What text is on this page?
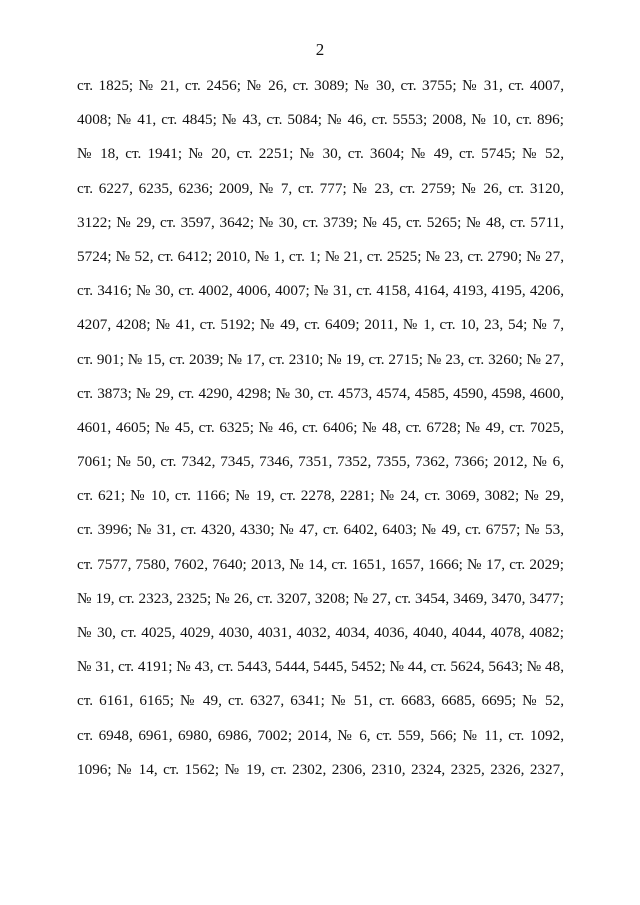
2
ст. 1825; № 21, ст. 2456; № 26, ст. 3089; № 30, ст. 3755; № 31, ст. 4007,
4008; № 41, ст. 4845; № 43, ст. 5084; № 46, ст. 5553; 2008, № 10, ст. 896;
№ 18, ст. 1941; № 20, ст. 2251; № 30, ст. 3604; № 49, ст. 5745; № 52,
ст. 6227, 6235, 6236; 2009, № 7, ст. 777; № 23, ст. 2759; № 26, ст. 3120,
3122; № 29, ст. 3597, 3642; № 30, ст. 3739; № 45, ст. 5265; № 48, ст. 5711,
5724; № 52, ст. 6412; 2010, № 1, ст. 1; № 21, ст. 2525; № 23, ст. 2790; № 27,
ст. 3416; № 30, ст. 4002, 4006, 4007; № 31, ст. 4158, 4164, 4193, 4195, 4206,
4207, 4208; № 41, ст. 5192; № 49, ст. 6409; 2011, № 1, ст. 10, 23, 54; № 7,
ст. 901; № 15, ст. 2039; № 17, ст. 2310; № 19, ст. 2715; № 23, ст. 3260; № 27,
ст. 3873; № 29, ст. 4290, 4298; № 30, ст. 4573, 4574, 4585, 4590, 4598, 4600,
4601, 4605; № 45, ст. 6325; № 46, ст. 6406; № 48, ст. 6728; № 49, ст. 7025,
7061; № 50, ст. 7342, 7345, 7346, 7351, 7352, 7355, 7362, 7366; 2012, № 6,
ст. 621; № 10, ст. 1166; № 19, ст. 2278, 2281; № 24, ст. 3069, 3082; № 29,
ст. 3996; № 31, ст. 4320, 4330; № 47, ст. 6402, 6403; № 49, ст. 6757; № 53,
ст. 7577, 7580, 7602, 7640; 2013, № 14, ст. 1651, 1657, 1666; № 17, ст. 2029;
№ 19, ст. 2323, 2325; № 26, ст. 3207, 3208; № 27, ст. 3454, 3469, 3470, 3477;
№ 30, ст. 4025, 4029, 4030, 4031, 4032, 4034, 4036, 4040, 4044, 4078, 4082;
№ 31, ст. 4191; № 43, ст. 5443, 5444, 5445, 5452; № 44, ст. 5624, 5643; № 48,
ст. 6161, 6165; № 49, ст. 6327, 6341; № 51, ст. 6683, 6685, 6695; № 52,
ст. 6948, 6961, 6980, 6986, 7002; 2014, № 6, ст. 559, 566; № 11, ст. 1092,
1096; № 14, ст. 1562; № 19, ст. 2302, 2306, 2310, 2324, 2325, 2326, 2327,
